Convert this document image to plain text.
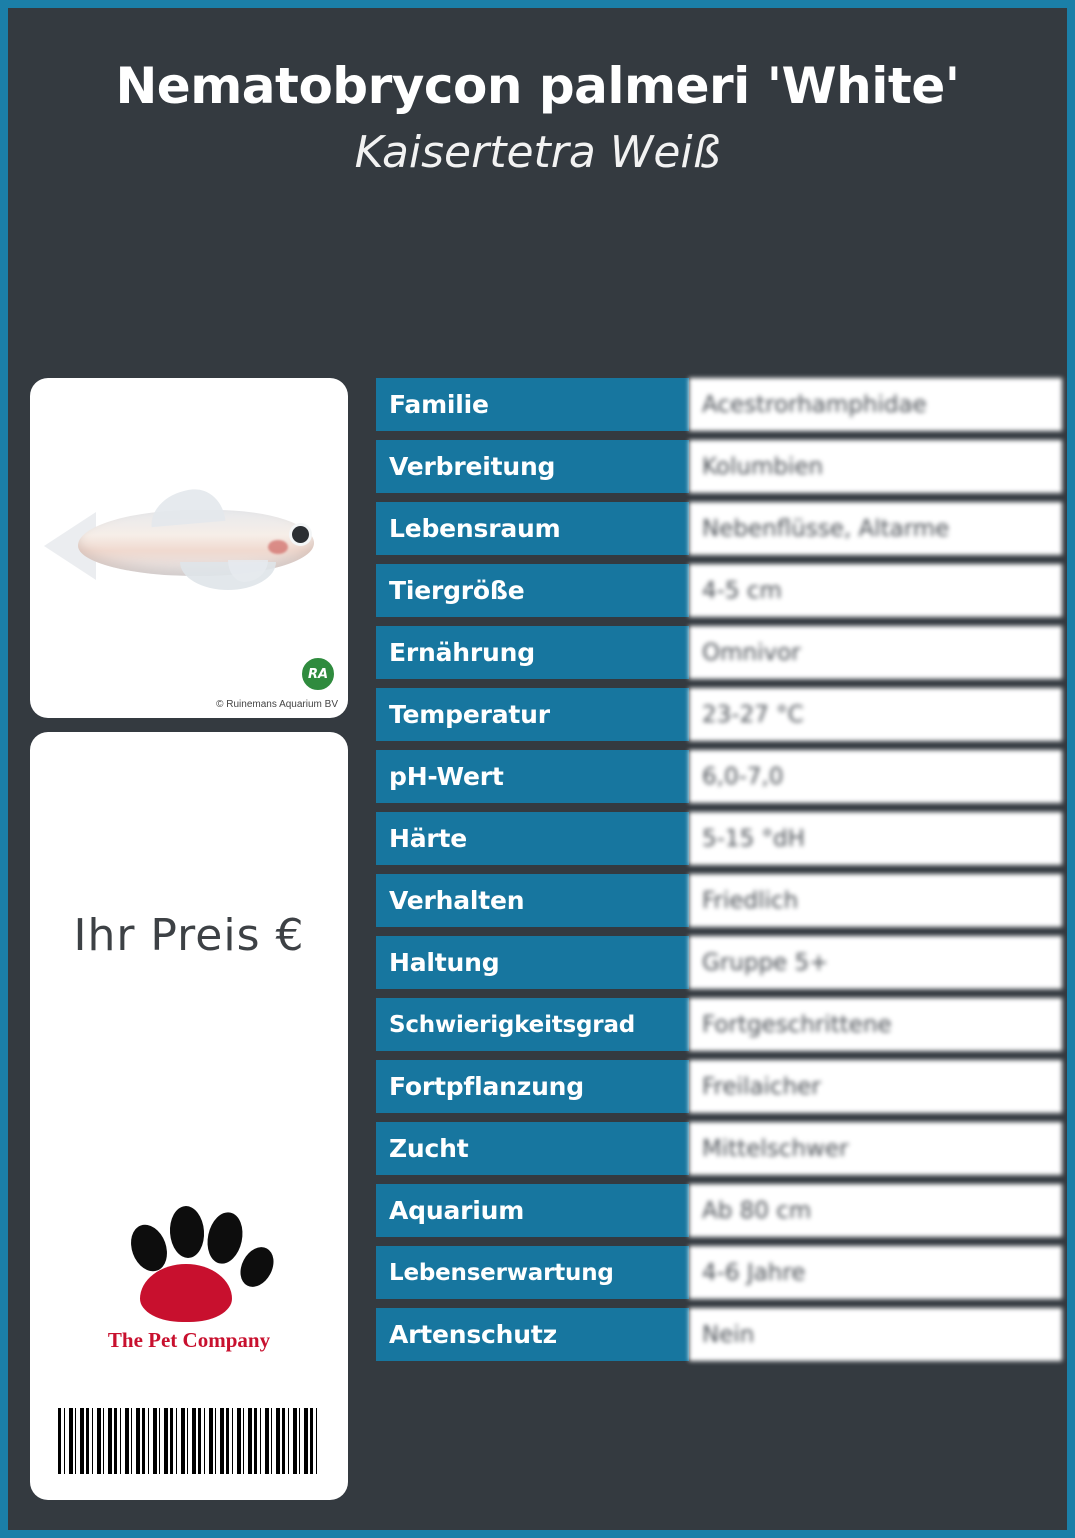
Nematobrycon palmeri 'White'
Kaisertetra Weiß
RA
© Ruinemans Aquarium BV
Ihr Preis €
The Pet Company
Familie	Acestrorhamphidae
Verbreitung	Kolumbien
Lebensraum	Nebenflüsse, Altarme
Tiergröße	4-5 cm
Ernährung	Omnivor
Temperatur	23-27 °C
pH-Wert	6,0-7,0
Härte	5-15 °dH
Verhalten	Friedlich
Haltung	Gruppe 5+
Schwierigkeitsgrad	Fortgeschrittene
Fortpflanzung	Freilaicher
Zucht	Mittelschwer
Aquarium	Ab 80 cm
Lebenserwartung	4-6 Jahre
Artenschutz	Nein
